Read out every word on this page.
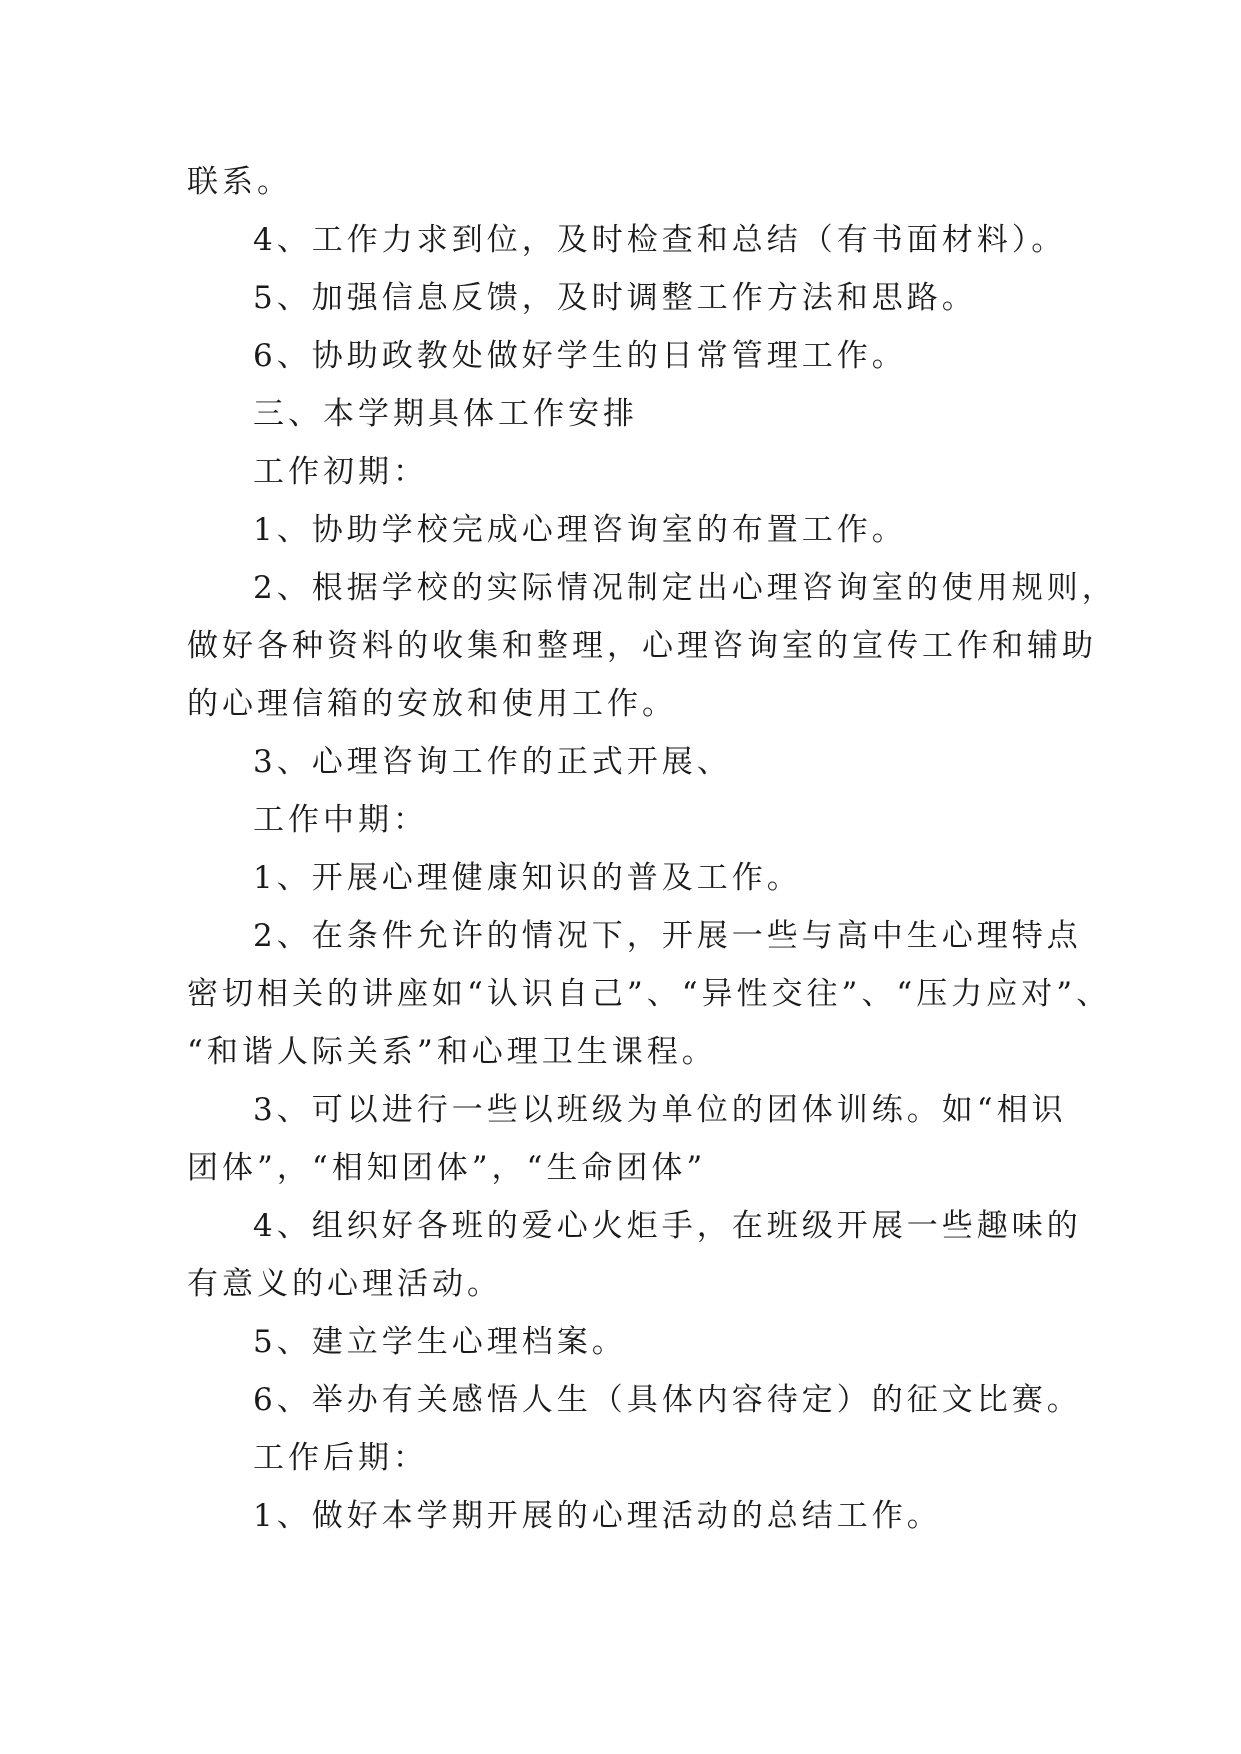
联系。
4、工作力求到位，及时检查和总结（有书面材料）。
5、加强信息反馈，及时调整工作方法和思路。
6、协助政教处做好学生的日常管理工作。
三、本学期具体工作安排
工作初期：
1、协助学校完成心理咨询室的布置工作。
2、根据学校的实际情况制定出心理咨询室的使用规则，
做好各种资料的收集和整理，心理咨询室的宣传工作和辅助
的心理信箱的安放和使用工作。
3、心理咨询工作的正式开展、
工作中期：
1、开展心理健康知识的普及工作。
2、在条件允许的情况下，开展一些与高中生心理特点
密切相关的讲座如“认识自己”、“异性交往”、“压力应对”、
“和谐人际关系”和心理卫生课程。
3、可以进行一些以班级为单位的团体训练。如“相识
团体”，“相知团体”，“生命团体”
4、组织好各班的爱心火炬手，在班级开展一些趣味的
有意义的心理活动。
5、建立学生心理档案。
6、举办有关感悟人生（具体内容待定）的征文比赛。
工作后期：
1、做好本学期开展的心理活动的总结工作。
